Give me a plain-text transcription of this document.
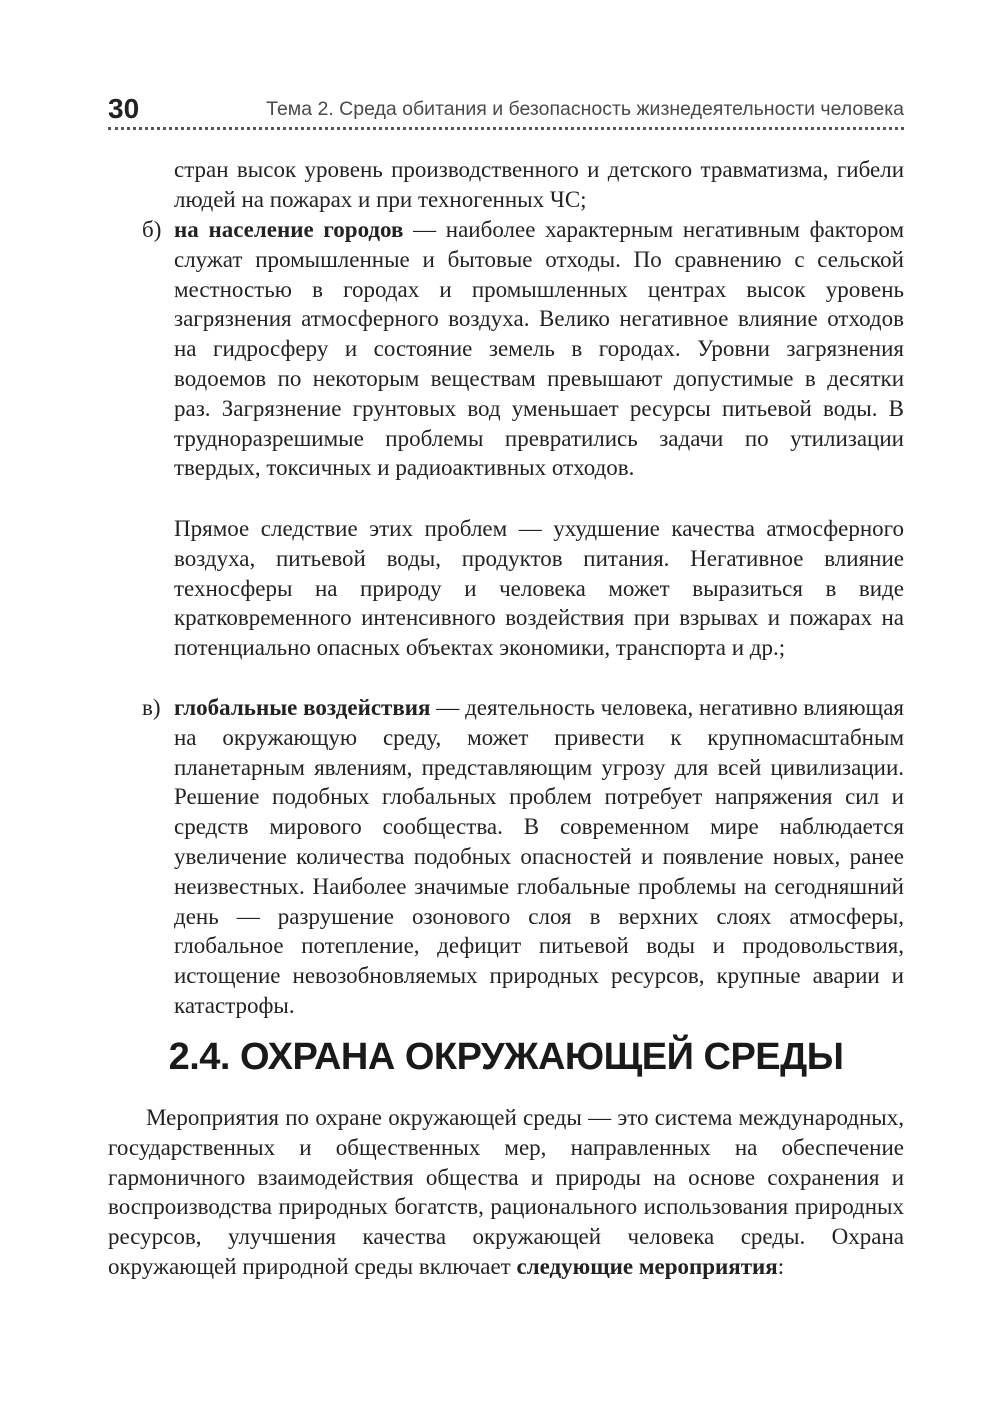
30	Тема 2. Среда обитания и безопасность жизнедеятельности человека

стран высок уровень производственного и детского травматизма, гибели людей на пожарах и при техногенных ЧС;

б) на население городов — наиболее характерным негативным фактором служат промышленные и бытовые отходы. По сравнению с сельской местностью в городах и промышленных центрах высок уровень загрязнения атмосферного воздуха. Велико негативное влияние отходов на гидросферу и состояние земель в городах. Уровни загрязнения водоемов по некоторым веществам превышают допустимые в десятки раз. Загрязнение грунтовых вод уменьшает ресурсы питьевой воды. В трудноразрешимые проблемы превратились задачи по утилизации твердых, токсичных и радиоактивных отходов.

Прямое следствие этих проблем — ухудшение качества атмосферного воздуха, питьевой воды, продуктов питания. Негативное влияние техносферы на природу и человека может выразиться в виде кратковременного интенсивного воздействия при взрывах и пожарах на потенциально опасных объектах экономики, транспорта и др.;

в) глобальные воздействия — деятельность человека, негативно влияющая на окружающую среду, может привести к крупномасштабным планетарным явлениям, представляющим угрозу для всей цивилизации. Решение подобных глобальных проблем потребует напряжения сил и средств мирового сообщества. В современном мире наблюдается увеличение количества подобных опасностей и появление новых, ранее неизвестных. Наиболее значимые глобальные проблемы на сегодняшний день — разрушение озонового слоя в верхних слоях атмосферы, глобальное потепление, дефицит питьевой воды и продовольствия, истощение невозобновляемых природных ресурсов, крупные аварии и катастрофы.

2.4. ОХРАНА ОКРУЖАЮЩЕЙ СРЕДЫ

Мероприятия по охране окружающей среды — это система международных, государственных и общественных мер, направленных на обеспечение гармоничного взаимодействия общества и природы на основе сохранения и воспроизводства природных богатств, рационального использования природных ресурсов, улучшения качества окружающей человека среды. Охрана окружающей природной среды включает следующие мероприятия:
